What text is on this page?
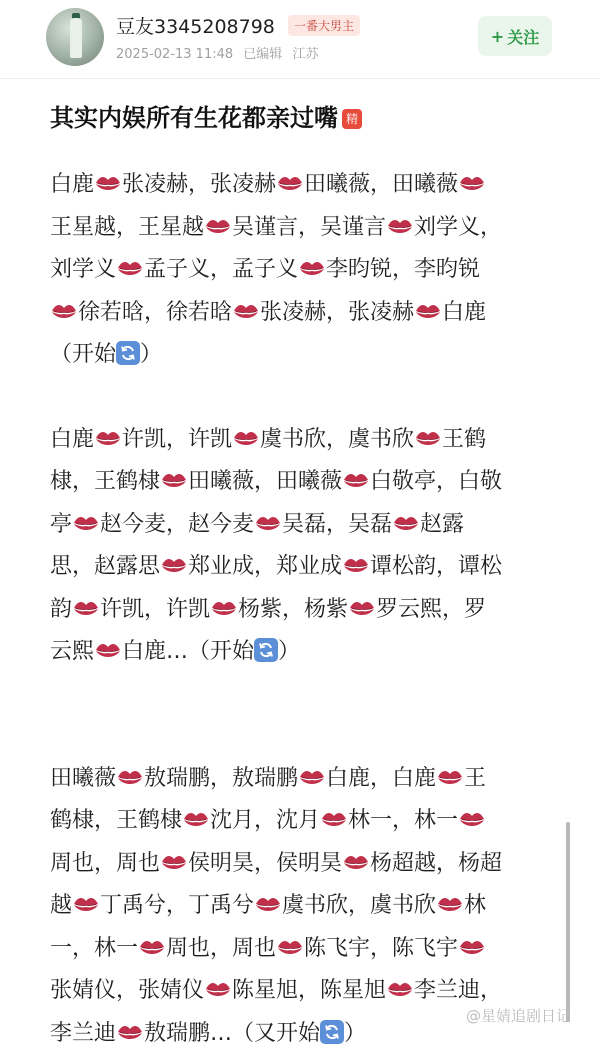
豆友3345208798	一番大男主
2025-02-13 11:48 已编辑 江苏
+ 关注
其实内娱所有生花都亲过嘴 精
白鹿 张凌赫，张凌赫 田曦薇，田曦薇
王星越，王星越 吴谨言，吴谨言 刘学义，
刘学义 孟子义，孟子义 李昀锐，李昀锐
徐若晗，徐若晗 张凌赫，张凌赫 白鹿
（开始 ）
白鹿 许凯，许凯 虞书欣，虞书欣 王鹤
棣，王鹤棣 田曦薇，田曦薇 白敬亭，白敬
亭 赵今麦，赵今麦 吴磊，吴磊 赵露
思，赵露思 郑业成，郑业成 谭松韵，谭松
韵 许凯，许凯 杨紫，杨紫 罗云熙，罗
云熙 白鹿…（开始 ）
田曦薇 敖瑞鹏，敖瑞鹏 白鹿，白鹿 王
鹤棣，王鹤棣 沈月，沈月 林一，林一
周也，周也 侯明昊，侯明昊 杨超越，杨超
越 丁禹兮，丁禹兮 虞书欣，虞书欣 林
一，林一 周也，周也 陈飞宇，陈飞宇
张婧仪，张婧仪 陈星旭，陈星旭 李兰迪，
李兰迪 敖瑞鹏…（又开始 ）
@星婧追剧日记
